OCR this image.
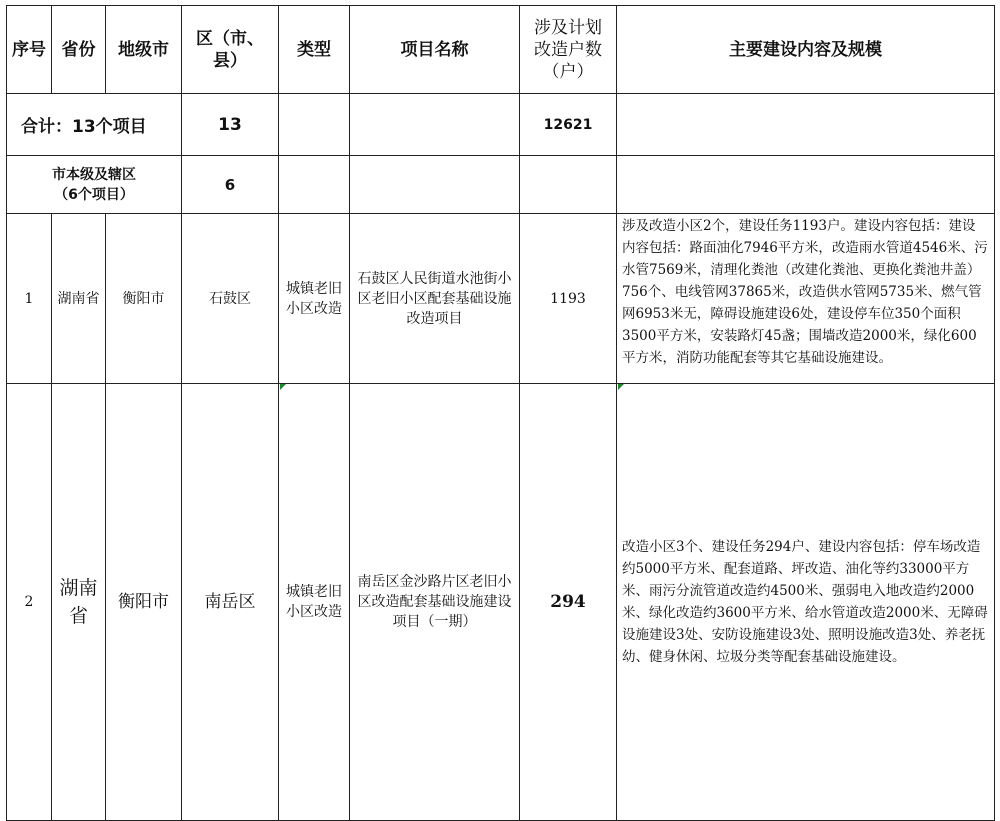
序号	省份	地级市	区（市、县）	类型	项目名称	涉及计划改造户数（户）	主要建设内容及规模
合计：13个项目			13			12621	

市本级及辖区
（6个项目）			6				
1	湖南省	衡阳市	石鼓区	城镇老旧小区改造	石鼓区人民街道水池街小区老旧小区配套基础设施改造项目	1193	涉及改造小区2个，建设任务1193户。建设内容包括：建设内容包括：路面油化7946平方米，改造雨水管道4546米、污水管7569米，清理化粪池（改建化粪池、更换化粪池井盖）756个、电线管网37865米，改造供水管网5735米、燃气管网6953米无，障碍设施建设6处，建设停车位350个面积3500平方米，安装路灯45盏；围墙改造2000米，绿化600平方米，消防功能配套等其它基础设施建设。
2	湖南省	衡阳市	南岳区	城镇老旧小区改造	南岳区金沙路片区老旧小区改造配套基础设施建设项目（一期）	294	改造小区3个、建设任务294户、建设内容包括：停车场改造约5000平方米、配套道路、坪改造、油化等约33000平方米、雨污分流管道改造约4500米、强弱电入地改造约2000米、绿化改造约3600平方米、给水管道改造2000米、无障碍设施建设3处、安防设施建设3处、照明设施改造3处、养老抚幼、健身休闲、垃圾分类等配套基础设施建设。
